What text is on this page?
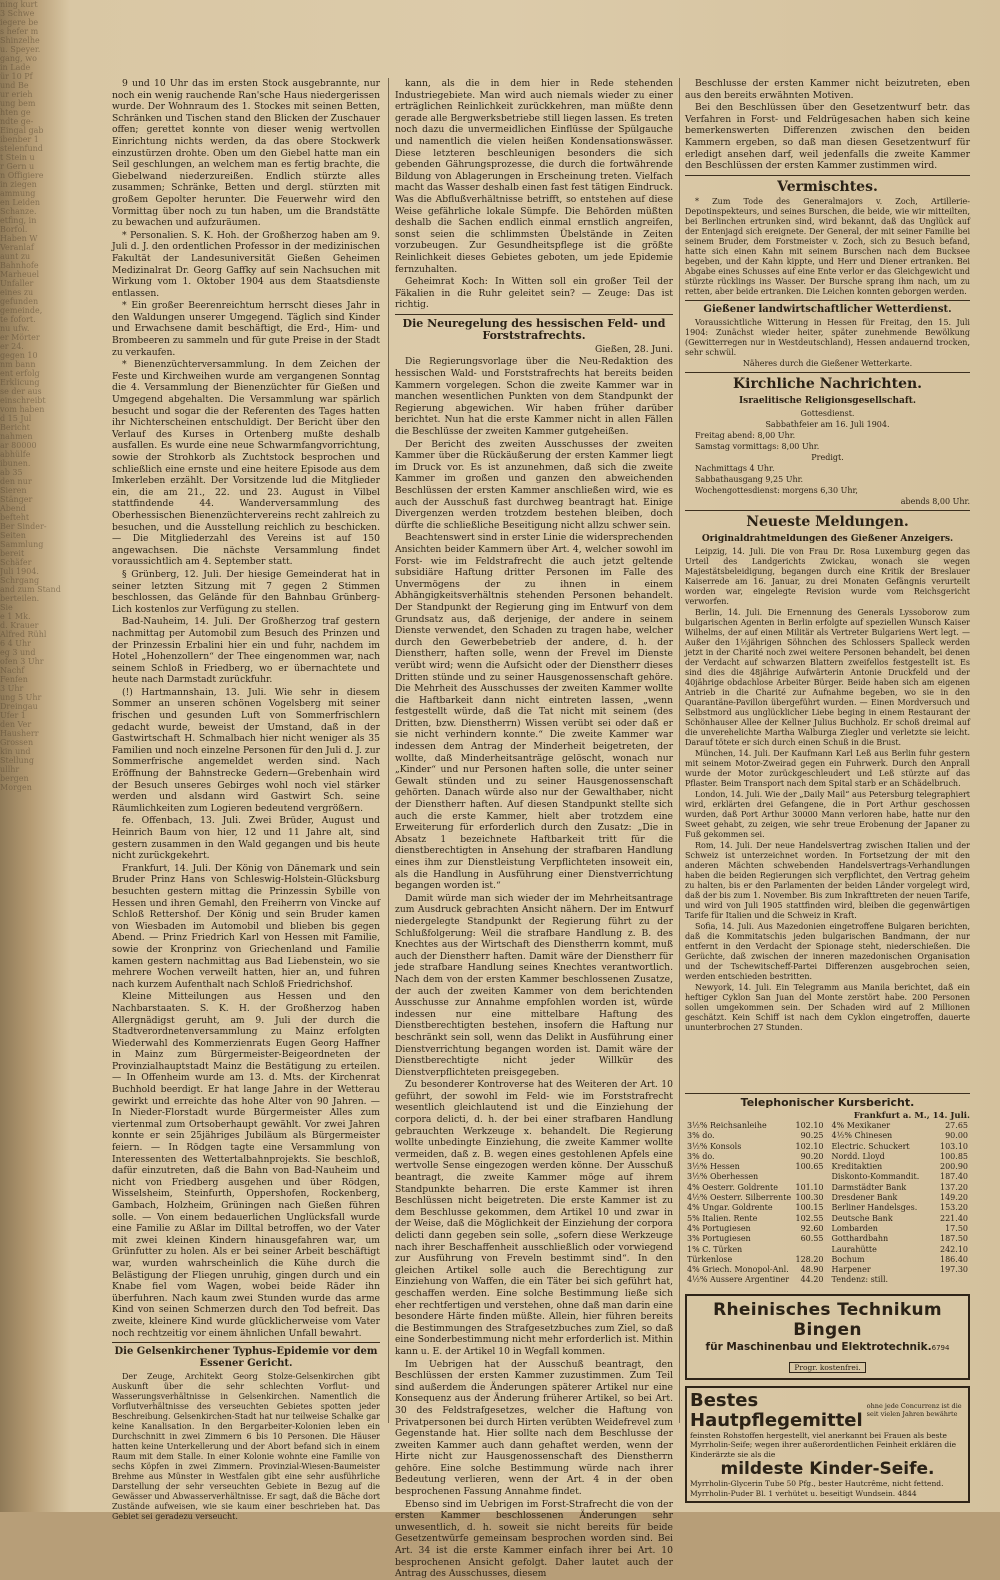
ning kurt
3 Schwe
iegere be
s hefer m
Shinzelhe
u. Speyer.
gang, wo
in Lade
ür 10 Pf
und Be
ur erieh
ung bem
hten ge
ndte ge-
Eingal gab
ibenber 1
stelenfund
t Stein u
r Gern u
n Offigiere
in ziegen
ammung
en Leiden
Schanze.
etfing, in
Borfol.
Haben W
Veranlaf
aunt zu
Bahnhofe
Marheuel
Unfaller
eines zu
gefunden
gemeinde,
te fofort.
nu ufw.
er Mörter
er 24.
gegen 10
nm bann
ent erfolg
Erklicung
se der aus
einschreibt
vom haben
d 15 Jul
Bericht
nahmen
ar 80000
abhülfe
ibunen.
ab 35
den nur
Sieren
Stänger
Abend
befteht
Ber Sinder-
Seiten
Sammlung
bereit
Schäfer
Juli 1904.
Schrgang
and zum Stand
berteilen.
Sie
e 1 Mk.
d. Krauer
Alfred Rühl
6 4 Uhr
eg 3 und
ofen 3 Uhr
Nachf
Fenfen
3 Uhr
ung 5 Uhr
Dreingau
Ufer 1
den Ver
Hausherr
Grossen
kin und
Stellung
ullhr
bergen
Morgen

9 und 10 Uhr das im ersten Stock ausgebrannte, nur noch ein wenig rauchende Ran'sche Haus niedergerissen wurde. Der Wohnraum des 1. Stockes mit seinen Betten, Schränken und Tischen stand den Blicken der Zuschauer offen; gerettet konnte von dieser wenig wertvollen Einrichtung nichts werden, da das obere Stockwerk einzustürzen drohte. Oben um den Giebel hatte man ein Seil geschlungen, an welchem man es fertig brachte, die Giebelwand niederzureißen. Endlich stürzte alles zusammen; Schränke, Betten und dergl. stürzten mit großem Gepolter herunter. Die Feuerwehr wird den Vormittag über noch zu tun haben, um die Brandstätte zu bewachen und aufzuräumen.

* Personalien. S. K. Hoh. der Großherzog haben am 9. Juli d. J. den ordentlichen Professor in der medizinischen Fakultät der Landesuniversität Gießen Geheimen Medizinalrat Dr. Georg Gaffky auf sein Nachsuchen mit Wirkung vom 1. Oktober 1904 aus dem Staatsdienste entlassen.

* Ein großer Beerenreichtum herrscht dieses Jahr in den Waldungen unserer Umgegend. Täglich sind Kinder und Erwachsene damit beschäftigt, die Erd-, Him- und Brombeeren zu sammeln und für gute Preise in der Stadt zu verkaufen.

* Bienenzüchterversammlung. In dem Zeichen der Feste und Kirchweihen wurde am vergangenen Sonntag die 4. Versammlung der Bienenzüchter für Gießen und Umgegend abgehalten. Die Versammlung war spärlich besucht und sogar die der Referenten des Tages hatten ihr Nichterscheinen entschuldigt. Der Bericht über den Verlauf des Kurses in Ortenberg mußte deshalb ausfallen. Es wurde eine neue Schwarmfangvorrichtung, sowie der Strohkorb als Zuchtstock besprochen und schließlich eine ernste und eine heitere Episode aus dem Imkerleben erzählt. Der Vorsitzende lud die Mitglieder ein, die am 21., 22. und 23. August in Vilbel stattfindende 44. Wanderversammlung des Oberhessischen Bienenzüchtervereins recht zahlreich zu besuchen, und die Ausstellung reichlich zu beschicken. — Die Mitgliederzahl des Vereins ist auf 150 angewachsen. Die nächste Versammlung findet voraussichtlich am 4. September statt.

§ Grünberg, 12. Juli. Der hiesige Gemeinderat hat in seiner letzten Sitzung mit 7 gegen 2 Stimmen beschlossen, das Gelände für den Bahnbau Grünberg-Lich kostenlos zur Verfügung zu stellen.

Bad-Nauheim, 14. Juli. Der Großherzog traf gestern nachmittag per Automobil zum Besuch des Prinzen und der Prinzessin Erbalini hier ein und fuhr, nachdem im Hotel „Hohenzollern“ der Thee eingenommen war, nach seinem Schloß in Friedberg, wo er übernachtete und heute nach Darmstadt zurückfuhr.

(!) Hartmannshain, 13. Juli. Wie sehr in diesem Sommer an unseren schönen Vogelsberg mit seiner frischen und gesunden Luft von Sommerfrischlern gedacht wurde, beweist der Umstand, daß in der Gastwirtschaft H. Schmalbach hier nicht weniger als 35 Familien und noch einzelne Personen für den Juli d. J. zur Sommerfrische angemeldet werden sind. Nach Eröffnung der Bahnstrecke Gedern—Grebenhain wird der Besuch unseres Gebirges wohl noch viel stärker werden und alsdann wird Gastwirt Sch. seine Räumlichkeiten zum Logieren bedeutend vergrößern.

fe. Offenbach, 13. Juli. Zwei Brüder, August und Heinrich Baum von hier, 12 und 11 Jahre alt, sind gestern zusammen in den Wald gegangen und bis heute nicht zurückgekehrt.

Frankfurt, 14. Juli. Der König von Dänemark und sein Bruder Prinz Hans von Schleswig-Holstein-Glücksburg besuchten gestern mittag die Prinzessin Sybille von Hessen und ihren Gemahl, den Freiherrn von Vincke auf Schloß Rettershof. Der König und sein Bruder kamen von Wiesbaden im Automobil und blieben bis gegen Abend. — Prinz Friedrich Karl von Hessen mit Familie, sowie der Kronprinz von Griechenland und Familie kamen gestern nachmittag aus Bad Liebenstein, wo sie mehrere Wochen verweilt hatten, hier an, und fuhren nach kurzem Aufenthalt nach Schloß Friedrichshof.

Kleine Mitteilungen aus Hessen und den Nachbarstaaten. S. K. H. der Großherzog haben Allergnädigst geruht, am 9. Juli der durch die Stadtverordnetenversammlung zu Mainz erfolgten Wiederwahl des Kommerzienrats Eugen Georg Haffner in Mainz zum Bürgermeister-Beigeordneten der Provinzialhauptstadt Mainz die Bestätigung zu erteilen. — In Offenheim wurde am 13. d. Mts. der Kirchenrat Buchhold beerdigt. Er hat lange Jahre in der Wetterau gewirkt und erreichte das hohe Alter von 90 Jahren. — In Nieder-Florstadt wurde Bürgermeister Alles zum viertenmal zum Ortsoberhaupt gewählt. Vor zwei Jahren konnte er sein 25jähriges Jubiläum als Bürgermeister feiern. — In Rödgen tagte eine Versammlung von Interessenten des Wettertalbahnprojekts. Sie beschloß, dafür einzutreten, daß die Bahn von Bad-Nauheim und nicht von Friedberg ausgehen und über Rödgen, Wisselsheim, Steinfurth, Oppershofen, Rockenberg, Gambach, Holzheim, Grüningen nach Gießen führen solle. — Von einem bedauerlichen Unglücksfall wurde eine Familie zu Aßlar im Dilltal betroffen, wo der Vater mit zwei kleinen Kindern hinausgefahren war, um Grünfutter zu holen. Als er bei seiner Arbeit beschäftigt war, wurden wahrscheinlich die Kühe durch die Belästigung der Fliegen unruhig, gingen durch und ein Knabe fiel vom Wagen, wobei beide Räder ihn überfuhren. Nach kaum zwei Stunden wurde das arme Kind von seinen Schmerzen durch den Tod befreit. Das zweite, kleinere Kind wurde glücklicherweise vom Vater noch rechtzeitig vor einem ähnlichen Unfall bewahrt.

Die Gelsenkirchener Typhus-Epidemie vor dem Essener Gericht.

Der Zeuge, Architekt Georg Stolze-Gelsenkirchen gibt Auskunft über die sehr schlechten Vorflut- und Wasserungsverhältnisse in Gelsenkirchen. Namentlich die Vorflutverhältnisse des verseuchten Gebietes spotten jeder Beschreibung. Gelsenkirchen-Stadt hat nur teilweise Schalke gar keine Kanalisation. In den Bergarbeiter-Kolonien leben ein Durchschnitt in zwei Zimmern 6 bis 10 Personen. Die Häuser hatten keine Unterkellerung und der Abort befand sich in einem Raum mit dem Stalle. In einer Kolonie wohnte eine Familie von sechs Köpfen in zwei Zimmern. Provinzial-Wiesen-Baumeister Brehme aus Münster in Westfalen gibt eine sehr ausführliche Darstellung der sehr verseuchten Gebiete in Bezug auf die Gewässer und Abwasserverhältnisse. Er sagt, daß die Bäche dort Zustände aufweisen, wie sie kaum einer beschrieben hat. Das Gebiet sei geradezu verseucht.

kann, als die in dem hier in Rede stehenden Industriegebiete. Man wird auch niemals wieder zu einer erträglichen Reinlichkeit zurückkehren, man müßte denn gerade alle Bergwerksbetriebe still liegen lassen. Es treten noch dazu die unvermeidlichen Einflüsse der Spülgauche und namentlich die vielen heißen Kondensationswässer. Diese letzteren beschleunigen besonders die sich gebenden Gährungsprozesse, die durch die fortwährende Bildung von Ablagerungen in Erscheinung treten. Vielfach macht das Wasser deshalb einen fast fest tätigen Eindruck. Was die Abflußverhältnisse betrifft, so entstehen auf diese Weise gefährliche lokale Sümpfe. Die Behörden müßten deshalb die Sachen endlich einmal ernstlich angreifen, sonst seien die schlimmsten Übelstände in Zeiten vorzubeugen. Zur Gesundheitspflege ist die größte Reinlichkeit dieses Gebietes geboten, um jede Epidemie fernzuhalten.

Geheimrat Koch: In Witten soll ein großer Teil der Fäkalien in die Ruhr geleitet sein? — Zeuge: Das ist richtig.

Die Neuregelung des hessischen Feld- und Forststrafrechts.

Gießen, 28. Juni.

Die Regierungsvorlage über die Neu-Redaktion des hessischen Wald- und Forststrafrechts hat bereits beiden Kammern vorgelegen. Schon die zweite Kammer war in manchen wesentlichen Punkten von dem Standpunkt der Regierung abgewichen. Wir haben früher darüber berichtet. Nun hat die erste Kammer nicht in allen Fällen die Beschlüsse der zweiten Kammer gutgeheißen.

Der Bericht des zweiten Ausschusses der zweiten Kammer über die Rückäußerung der ersten Kammer liegt im Druck vor. Es ist anzunehmen, daß sich die zweite Kammer im großen und ganzen den abweichenden Beschlüssen der ersten Kammer anschließen wird, wie es auch der Ausschuß fast durchweg beantragt hat. Einige Divergenzen werden trotzdem bestehen bleiben, doch dürfte die schließliche Beseitigung nicht allzu schwer sein.

Beachtenswert sind in erster Linie die widersprechenden Ansichten beider Kammern über Art. 4, welcher sowohl im Forst- wie im Feldstrafrecht die auch jetzt geltende subsidiäre Haftung dritter Personen im Falle des Unvermögens der zu ihnen in einem Abhängigkeitsverhältnis stehenden Personen behandelt. Der Standpunkt der Regierung ging im Entwurf von dem Grundsatz aus, daß derjenige, der andere in seinem Dienste verwendet, den Schaden zu tragen habe, welcher durch den Gewerbebetrieb der andere, d. h. der Dienstherr, haften solle, wenn der Frevel im Dienste verübt wird; wenn die Aufsicht oder der Dienstherr dieses Dritten stünde und zu seiner Hausgenossenschaft gehöre. Die Mehrheit des Ausschusses der zweiten Kammer wollte die Haftbarkeit dann nicht eintreten lassen, „wenn festgestellt würde, daß die Tat nicht mit seinem (des Dritten, bzw. Dienstherrn) Wissen verübt sei oder daß er sie nicht verhindern konnte.“ Die zweite Kammer war indessen dem Antrag der Minderheit beigetreten, der wollte, daß Minderheitsanträge gelöscht, wonach nur „Kinder“ und nur Personen haften solle, die unter seiner Gewalt stünden und zu seiner Hausgenossenschaft gehörten. Danach würde also nur der Gewalthaber, nicht der Dienstherr haften. Auf diesen Standpunkt stellte sich auch die erste Kammer, hielt aber trotzdem eine Erweiterung für erforderlich durch den Zusatz: „Die in Absatz 1 bezeichnete Haftbarkeit tritt für die dienstberechtigten in Ansehung der strafbaren Handlung eines ihm zur Dienstleistung Verpflichteten insoweit ein, als die Handlung in Ausführung einer Dienstverrichtung begangen worden ist.“

Damit würde man sich wieder der im Mehrheitsantrage zum Ausdruck gebrachten Ansicht nähern. Der im Entwurf niedergelegte Standpunkt der Regierung führt zu der Schlußfolgerung: Weil die strafbare Handlung z. B. des Knechtes aus der Wirtschaft des Dienstherrn kommt, muß auch der Dienstherr haften. Damit wäre der Dienstherr für jede strafbare Handlung seines Knechtes verantwortlich. Nach dem von der ersten Kammer beschlossenen Zusatze, der auch der zweiten Kammer von dem berichtenden Ausschusse zur Annahme empfohlen worden ist, würde indessen nur eine mittelbare Haftung des Dienstberechtigten bestehen, insofern die Haftung nur beschränkt sein soll, wenn das Delikt in Ausführung einer Dienstverrichtung begangen worden ist. Damit wäre der Dienstberechtigte nicht jeder Willkür des Dienstverpflichteten preisgegeben.

Zu besonderer Kontroverse hat des Weiteren der Art. 10 geführt, der sowohl im Feld- wie im Forststrafrecht wesentlich gleichlautend ist und die Einziehung der corpora delicti, d. h. der bei einer strafbaren Handlung gebrauchten Werkzeuge x. behandelt. Die Regierung wollte unbedingte Einziehung, die zweite Kammer wollte vermeiden, daß z. B. wegen eines gestohlenen Apfels eine wertvolle Sense eingezogen werden könne. Der Ausschuß beantragt, die zweite Kammer möge auf ihrem Standpunkte beharren. Die erste Kammer ist ihren Beschlüssen nicht beigetreten. Die erste Kammer ist zu dem Beschlusse gekommen, dem Artikel 10 und zwar in der Weise, daß die Möglichkeit der Einziehung der corpora delicti dann gegeben sein solle, „sofern diese Werkzeuge nach ihrer Beschaffenheit ausschließlich oder vorwiegend zur Ausführung von Freveln bestimmt sind“. In den gleichen Artikel solle auch die Berechtigung zur Einziehung von Waffen, die ein Täter bei sich geführt hat, geschaffen werden. Eine solche Bestimmung ließe sich eher rechtfertigen und verstehen, ohne daß man darin eine besondere Härte finden müßte. Allein, hier führen bereits die Bestimmungen des Strafgesetzbuches zum Ziel, so daß eine Sonderbestimmung nicht mehr erforderlich ist. Mithin kann u. E. der Artikel 10 in Wegfall kommen.

Im Uebrigen hat der Ausschuß beantragt, den Beschlüssen der ersten Kammer zuzustimmen. Zum Teil sind außerdem die Änderungen späterer Artikel nur eine Konsequenz aus der Änderung früherer Artikel, so bei Art. 30 des Feldstrafgesetzes, welcher die Haftung von Privatpersonen bei durch Hirten verübten Weidefrevel zum Gegenstande hat. Hier sollte nach dem Beschlusse der zweiten Kammer auch dann gehaftet werden, wenn der Hirte nicht zur Hausgenossenschaft des Dienstherrn gehöre. Eine solche Bestimmung würde nach ihrer Bedeutung verlieren, wenn der Art. 4 in der oben besprochenen Fassung Annahme findet.

Ebenso sind im Uebrigen im Forst-Strafrecht die von der ersten Kammer beschlossenen Änderungen sehr unwesentlich, d. h. soweit sie nicht bereits für beide Gesetzentwürfe gemeinsam besprochen worden sind. Bei Art. 34 ist die erste Kammer einfach ihrer bei Art. 10 besprochenen Ansicht gefolgt. Daher lautet auch der Antrag des Ausschusses, diesem

Beschlusse der ersten Kammer nicht beizutreten, eben aus den bereits erwähnten Motiven.

Bei den Beschlüssen über den Gesetzentwurf betr. das Verfahren in Forst- und Feldrügesachen haben sich keine bemerkenswerten Differenzen zwischen den beiden Kammern ergeben, so daß man diesen Gesetzentwurf für erledigt ansehen darf, weil jedenfalls die zweite Kammer den Beschlüssen der ersten Kammer zustimmen wird.

Vermischtes.

* Zum Tode des Generalmajors v. Zoch, Artillerie-Depotinspekteurs, und seines Burschen, die beide, wie wir mitteilten, bei Berlinchen ertrunken sind, wird bekannt, daß das Unglück auf der Entenjagd sich ereignete. Der General, der mit seiner Familie bei seinem Bruder, dem Forstmeister v. Zoch, sich zu Besuch befand, hatte sich einen Kahn mit seinem Burschen nach dem Bucksee begeben, und der Kahn kippte, und Herr und Diener ertranken. Bei Abgabe eines Schusses auf eine Ente verlor er das Gleichgewicht und stürzte rücklings ins Wasser. Der Bursche sprang ihm nach, um zu retten, aber beide ertranken. Die Leichen konnten geborgen werden.

Gießener landwirtschaftlicher Wetterdienst.

Voraussichtliche Witterung in Hessen für Freitag, den 15. Juli 1904: Zunächst wieder heiter, später zunehmende Bewölkung (Gewitterregen nur in Westdeutschland), Hessen andauernd trocken, sehr schwül.

Näheres durch die Gießener Wetterkarte.

Kirchliche Nachrichten.
Israelitische Religionsgesellschaft.

Gottesdienst.

Sabbathfeier am 16. Juli 1904.

Freitag abend: 8,00 Uhr.

Samstag vormittags: 8,00 Uhr.

Predigt.

Nachmittags 4 Uhr.

Sabbathausgang 9,25 Uhr.

Wochengottesdienst: morgens 6,30 Uhr,

abends 8,00 Uhr.

Neueste Meldungen.
Originaldrahtmeldungen des Gießener Anzeigers.

Leipzig, 14. Juli. Die von Frau Dr. Rosa Luxemburg gegen das Urteil des Landgerichts Zwickau, wonach sie wegen Majestätsbeleidigung, begangen durch eine Kritik der Breslauer Kaiserrede am 16. Januar, zu drei Monaten Gefängnis verurteilt worden war, eingelegte Revision wurde vom Reichsgericht verworfen.

Berlin, 14. Juli. Die Ernennung des Generals Lyssoborow zum bulgarischen Agenten in Berlin erfolgte auf speziellen Wunsch Kaiser Wilhelms, der auf einen Militär als Vertreter Bulgariens Wert legt. — Außer den 1½jährigen Söhnchen des Schlossers Spalleck werden jetzt in der Charité noch zwei weitere Personen behandelt, bei denen der Verdacht auf schwarzen Blattern zweifellos festgestellt ist. Es sind dies die 48jährige Aufwärterin Antonie Druckfeld und der 40jährige obdachlose Arbeiter Bürger. Beide haben sich am eigenen Antrieb in die Charité zur Aufnahme begeben, wo sie in den Quarantäne-Pavillon übergeführt wurden. — Einen Mordversuch und Selbstmord aus unglücklicher Liebe beging in einem Restaurant der Schönhauser Allee der Kellner Julius Buchholz. Er schoß dreimal auf die unverehelichte Martha Walburga Ziegler und verletzte sie leicht. Darauf tötete er sich durch einen Schuß in die Brust.

München, 14. Juli. Der Kaufmann Karl Leß aus Berlin fuhr gestern mit seinem Motor-Zweirad gegen ein Fuhrwerk. Durch den Anprall wurde der Motor zurückgeschleudert und Leß stürzte auf das Pflaster. Beim Transport nach dem Spital starb er an Schädelbruch.

London, 14. Juli. Wie der „Daily Mail“ aus Petersburg telegraphiert wird, erklärten drei Gefangene, die in Port Arthur geschossen wurden, daß Port Arthur 30000 Mann verloren habe, hatte nur den Sweet gehabt, zu zeigen, wie sehr treue Erobenung der Japaner zu Fuß gekommen sei.

Rom, 14. Juli. Der neue Handelsvertrag zwischen Italien und der Schweiz ist unterzeichnet worden. In Fortsetzung der mit den anderen Mächten schwebenden Handelsvertrags-Verhandlungen haben die beiden Regierungen sich verpflichtet, den Vertrag geheim zu halten, bis er den Parlamenten der beiden Länder vorgelegt wird, daß der bis zum 1. November. Bis zum Inkrafttreten der neuen Tarife, und wird von Juli 1905 stattfinden wird, bleiben die gegenwärtigen Tarife für Italien und die Schweiz in Kraft.

Sofia, 14. Juli. Aus Mazedonien eingetroffene Bulgaren berichten, daß die Kommitatschis jeden bulgarischen Bandmann, der nur entfernt in den Verdacht der Spionage steht, niederschießen. Die Gerüchte, daß zwischen der inneren mazedonischen Organisation und der Tschewitscheff-Partei Differenzen ausgebrochen seien, werden entschieden bestritten.

Newyork, 14. Juli. Ein Telegramm aus Manila berichtet, daß ein heftiger Cyklon San Juan del Monte zerstört habe. 200 Personen sollen umgekommen sein. Der Schaden wird auf 2 Millionen geschätzt. Kein Schiff ist nach dem Cyklon eingetroffen, dauerte ununterbrochen 27 Stunden.

Telephonischer Kursbericht.
Frankfurt a. M., 14. Juli.
3½% Reichsanleihe	102.10
3% do.	90.25
3½% Konsols	102.10
3% do.	90.20
3½% Hessen	100.65
3½% Oberhessen	
4% Oesterr. Goldrente	101.10
4½% Oesterr. Silberrente	100.30
4% Ungar. Goldrente	100.15
5% Italien. Rente	102.55
4% Portugiesen	92.60
3% Portugiesen	60.55
1% C. Türken	
Türkenlose	128.20
4% Griech. Monopol-Anl.	48.90
4½% Aussere Argentiner	44.20
4% Mexikaner	27.65
4½% Chinesen	90.00
Electric. Schuckert	103.10
Nordd. Lloyd	100.85
Kreditaktien	200.90
Diskonto-Kommandit.	187.40
Darmstädter Bank	137.20
Dresdener Bank	149.20
Berliner Handelsges.	153.20
Deutsche Bank	221.40
Lombarden	17.50
Gotthardbahn	187.50
Laurahütte	242.10
Bochum	186.40
Harpener	197.30
Tendenz: still.	
Rheinisches Technikum Bingen
für Maschinenbau und Elektrotechnik.6794
Progr. kostenfrei.
Bestes Hautpflegemittel
ohne jede Concurrenz ist die seit vielen Jahren bewährte
feinsten Rohstoffen hergestellt, viel anerkannt bei Frauen als beste Myrrholin-Seife; wegen ihrer außerordentlichen Feinheit erklären die Kinderärzte sie als die
mildeste Kinder-Seife.
Myrrholin-Glycerin Tube 50 Pfg., bester Hautcrême, nicht fettend. Myrrholin-Puder Bl. 1 verhütet u. beseitigt Wundsein. 4844
